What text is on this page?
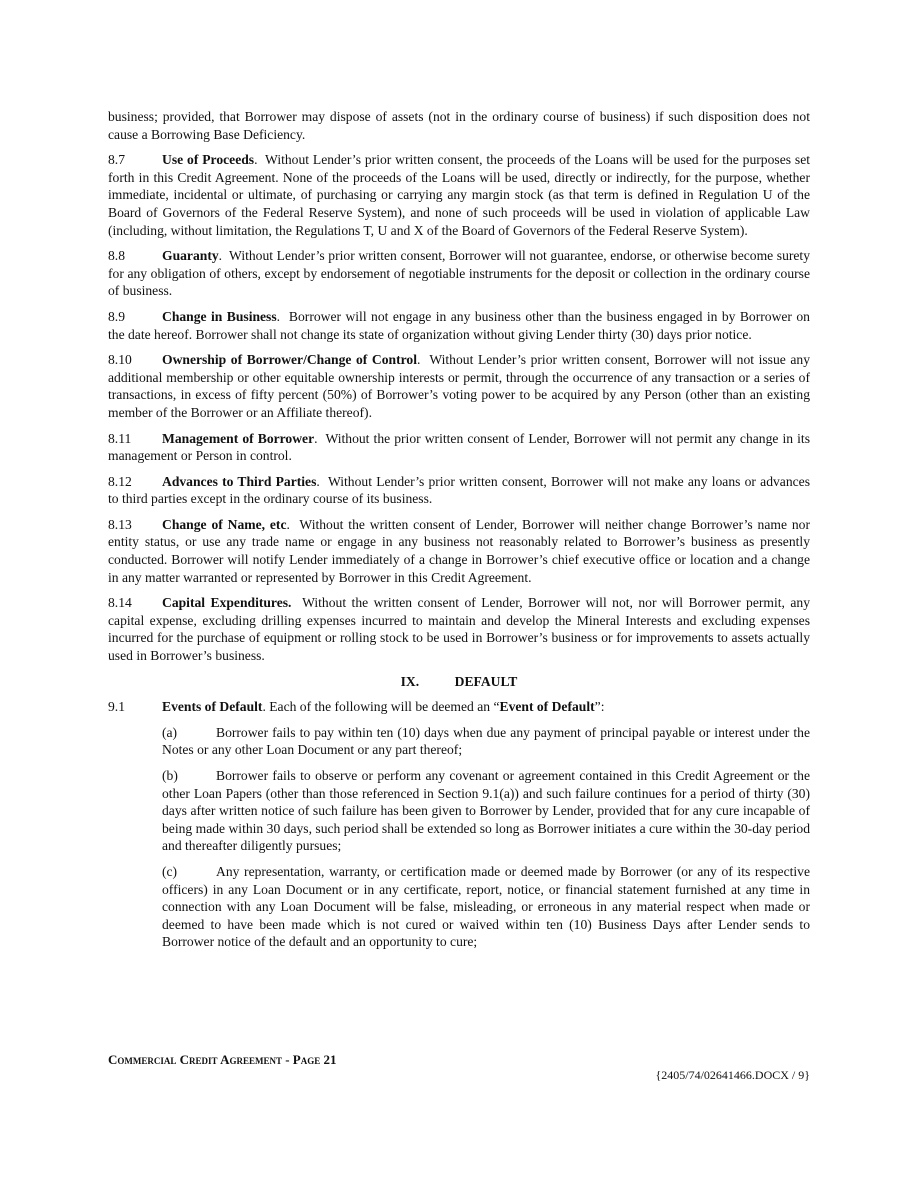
business; provided, that Borrower may dispose of assets (not in the ordinary course of business) if such disposition does not cause a Borrowing Base Deficiency.

8.7	Use of Proceeds.  Without Lender’s prior written consent, the proceeds of the Loans will be used for the purposes set forth in this Credit Agreement. None of the proceeds of the Loans will be used, directly or indirectly, for the purpose, whether immediate, incidental or ultimate, of purchasing or carrying any margin stock (as that term is defined in Regulation U of the Board of Governors of the Federal Reserve System), and none of such proceeds will be used in violation of applicable Law (including, without limitation, the Regulations T, U and X of the Board of Governors of the Federal Reserve System).

8.8	Guaranty.  Without Lender’s prior written consent, Borrower will not guarantee, endorse, or otherwise become surety for any obligation of others, except by endorsement of negotiable instruments for the deposit or collection in the ordinary course of business.

8.9	Change in Business.  Borrower will not engage in any business other than the business engaged in by Borrower on the date hereof. Borrower shall not change its state of organization without giving Lender thirty (30) days prior notice.

8.10 Ownership of Borrower/Change of Control.  Without Lender’s prior written consent, Borrower will not issue any additional membership or other equitable ownership interests or permit, through the occurrence of any transaction or a series of transactions, in excess of fifty percent (50%) of Borrower’s voting power to be acquired by any Person (other than an existing member of the Borrower or an Affiliate thereof).

8.11 Management of Borrower.  Without the prior written consent of Lender, Borrower will not permit any change in its management or Person in control.

8.12 Advances to Third Parties.  Without Lender’s prior written consent, Borrower will not make any loans or advances to third parties except in the ordinary course of its business.

8.13 Change of Name, etc.  Without the written consent of Lender, Borrower will neither change Borrower’s name nor entity status, or use any trade name or engage in any business not reasonably related to Borrower’s business as presently conducted. Borrower will notify Lender immediately of a change in Borrower’s chief executive office or location and a change in any matter warranted or represented by Borrower in this Credit Agreement.

8.14 Capital Expenditures. Without the written consent of Lender, Borrower will not, nor will Borrower permit, any capital expense, excluding drilling expenses incurred to maintain and develop the Mineral Interests and excluding expenses incurred for the purchase of equipment or rolling stock to be used in Borrower’s business or for improvements to assets actually used in Borrower’s business.

IX.	DEFAULT

9.1	Events of Default. Each of the following will be deemed an “Event of Default”:

(a)	Borrower fails to pay within ten (10) days when due any payment of principal payable or interest under the Notes or any other Loan Document or any part thereof;

(b)	Borrower fails to observe or perform any covenant or agreement contained in this Credit Agreement or the other Loan Papers (other than those referenced in Section 9.1(a)) and such failure continues for a period of thirty (30) days after written notice of such failure has been given to Borrower by Lender, provided that for any cure incapable of being made within 30 days, such period shall be extended so long as Borrower initiates a cure within the 30-day period and thereafter diligently pursues;

(c)	Any representation, warranty, or certification made or deemed made by Borrower (or any of its respective officers) in any Loan Document or in any certificate, report, notice, or financial statement furnished at any time in connection with any Loan Document will be false, misleading, or erroneous in any material respect when made or deemed to have been made which is not cured or waived within ten (10) Business Days after Lender sends to Borrower notice of the default and an opportunity to cure;

Commercial Credit Agreement - Page 21
{2405/74/02641466.DOCX / 9}
